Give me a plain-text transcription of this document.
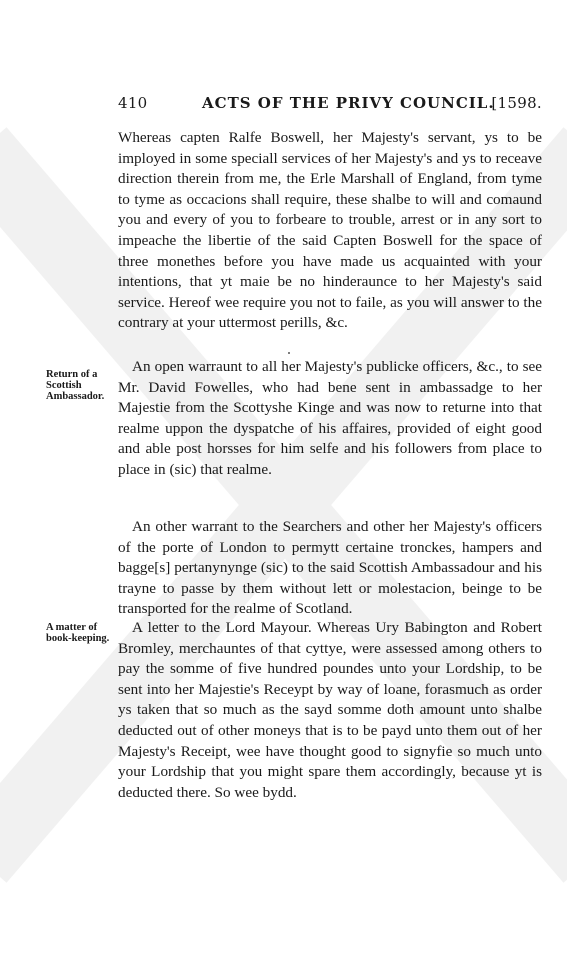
410	ACTS OF THE PRIVY COUNCIL.
[1598.
Whereas capten Ralfe Boswell, her Majesty's servant, ys to be imployed in some speciall services of her Majesty's and ys to receave direction therein from me, the Erle Marshall of England, from tyme to tyme as occacions shall require, these shalbe to will and comaund you and every of you to forbeare to trouble, arrest or in any sort to impeache the libertie of the said Capten Boswell for the space of three monethes before you have made us acquainted with your intentions, that yt maie be no hinderaunce to her Majesty's said service. Hereof wee require you not to faile, as you will answer to the contrary at your uttermost perills, &c.
Return of a Scottish Ambassador.
An open warraunt to all her Majesty's publicke officers, &c., to see Mr. David Fowelles, who had bene sent in ambassadge to her Majestie from the Scottyshe Kinge and was now to returne into that realme uppon the dyspatche of his affaires, provided of eight good and able post horsses for him selfe and his followers from place to place in (sic) that realme.
An other warrant to the Searchers and other her Majesty's officers of the porte of London to permytt certaine tronckes, hampers and bagge[s] pertanynynge (sic) to the said Scottish Ambassadour and his trayne to passe by them without lett or molestacion, beinge to be transported for the realme of Scotland.
A matter of book-keeping.
A letter to the Lord Mayour. Whereas Ury Babington and Robert Bromley, merchauntes of that cyttye, were assessed among others to pay the somme of five hundred poundes unto your Lordship, to be sent into her Majestie's Receypt by way of loane, forasmuch as order ys taken that so much as the sayd somme doth amount unto shalbe deducted out of other moneys that is to be payd unto them out of her Majesty's Receipt, wee have thought good to signyfie so much unto your Lordship that you might spare them accordingly, because yt is deducted there. So wee bydd.
